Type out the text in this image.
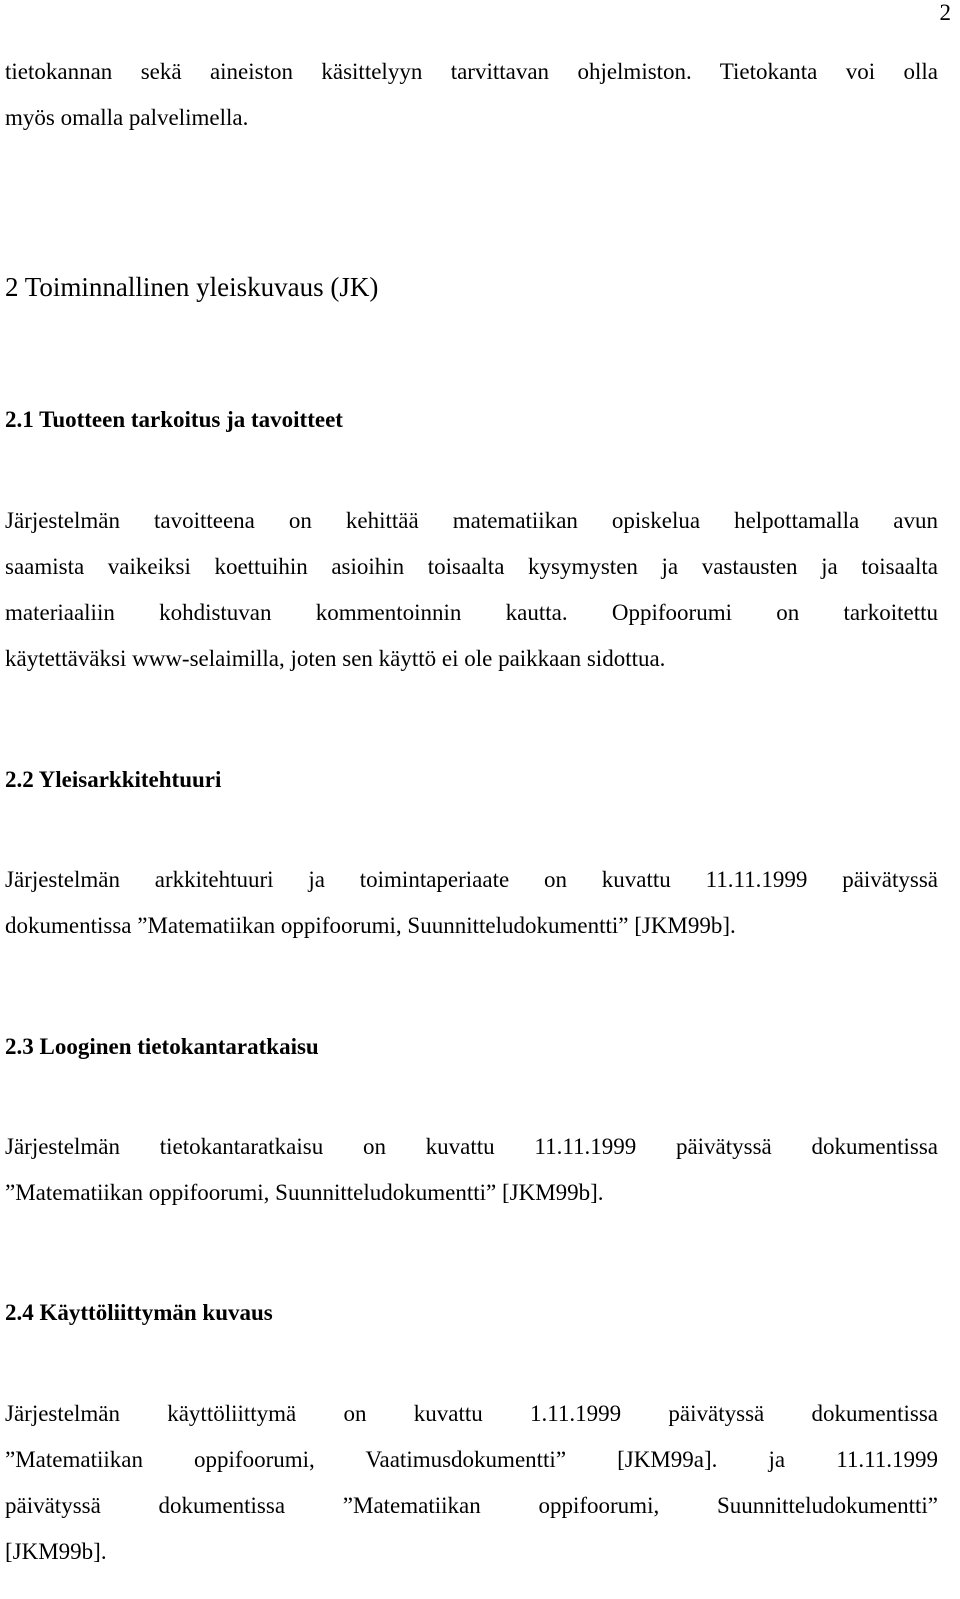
2
tietokannan sekä aineiston käsittelyyn tarvittavan ohjelmiston. Tietokanta voi olla
myös omalla palvelimella.
2 Toiminnallinen yleiskuvaus (JK)
2.1 Tuotteen tarkoitus ja tavoitteet
Järjestelmän tavoitteena on kehittää matematiikan opiskelua helpottamalla avun
saamista vaikeiksi koettuihin asioihin toisaalta kysymysten ja vastausten ja toisaalta
materiaaliin kohdistuvan kommentoinnin kautta. Oppifoorumi on tarkoitettu
käytettäväksi www-selaimilla, joten sen käyttö ei ole paikkaan sidottua.
2.2 Yleisarkkitehtuuri
Järjestelmän arkkitehtuuri ja toimintaperiaate on kuvattu 11.11.1999 päivätyssä
dokumentissa ”Matematiikan oppifoorumi, Suunnitteludokumentti” [JKM99b].
2.3 Looginen tietokantaratkaisu
Järjestelmän tietokantaratkaisu on kuvattu 11.11.1999 päivätyssä dokumentissa
”Matematiikan oppifoorumi, Suunnitteludokumentti” [JKM99b].
2.4 Käyttöliittymän kuvaus
Järjestelmän käyttöliittymä on kuvattu 1.11.1999 päivätyssä dokumentissa
”Matematiikan oppifoorumi, Vaatimusdokumentti” [JKM99a]. ja 11.11.1999
päivätyssä dokumentissa ”Matematiikan oppifoorumi, Suunnitteludokumentti”
[JKM99b].
